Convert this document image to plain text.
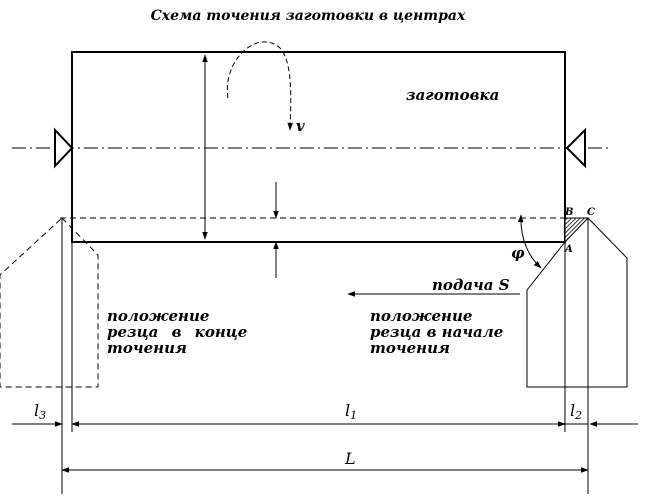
Схема точения заготовки в центрах
заготовка
v
B C
A
φ
подача S
положение
резца в конце
точения
положение
резца в начале
точения
l3	l1	l2
L
